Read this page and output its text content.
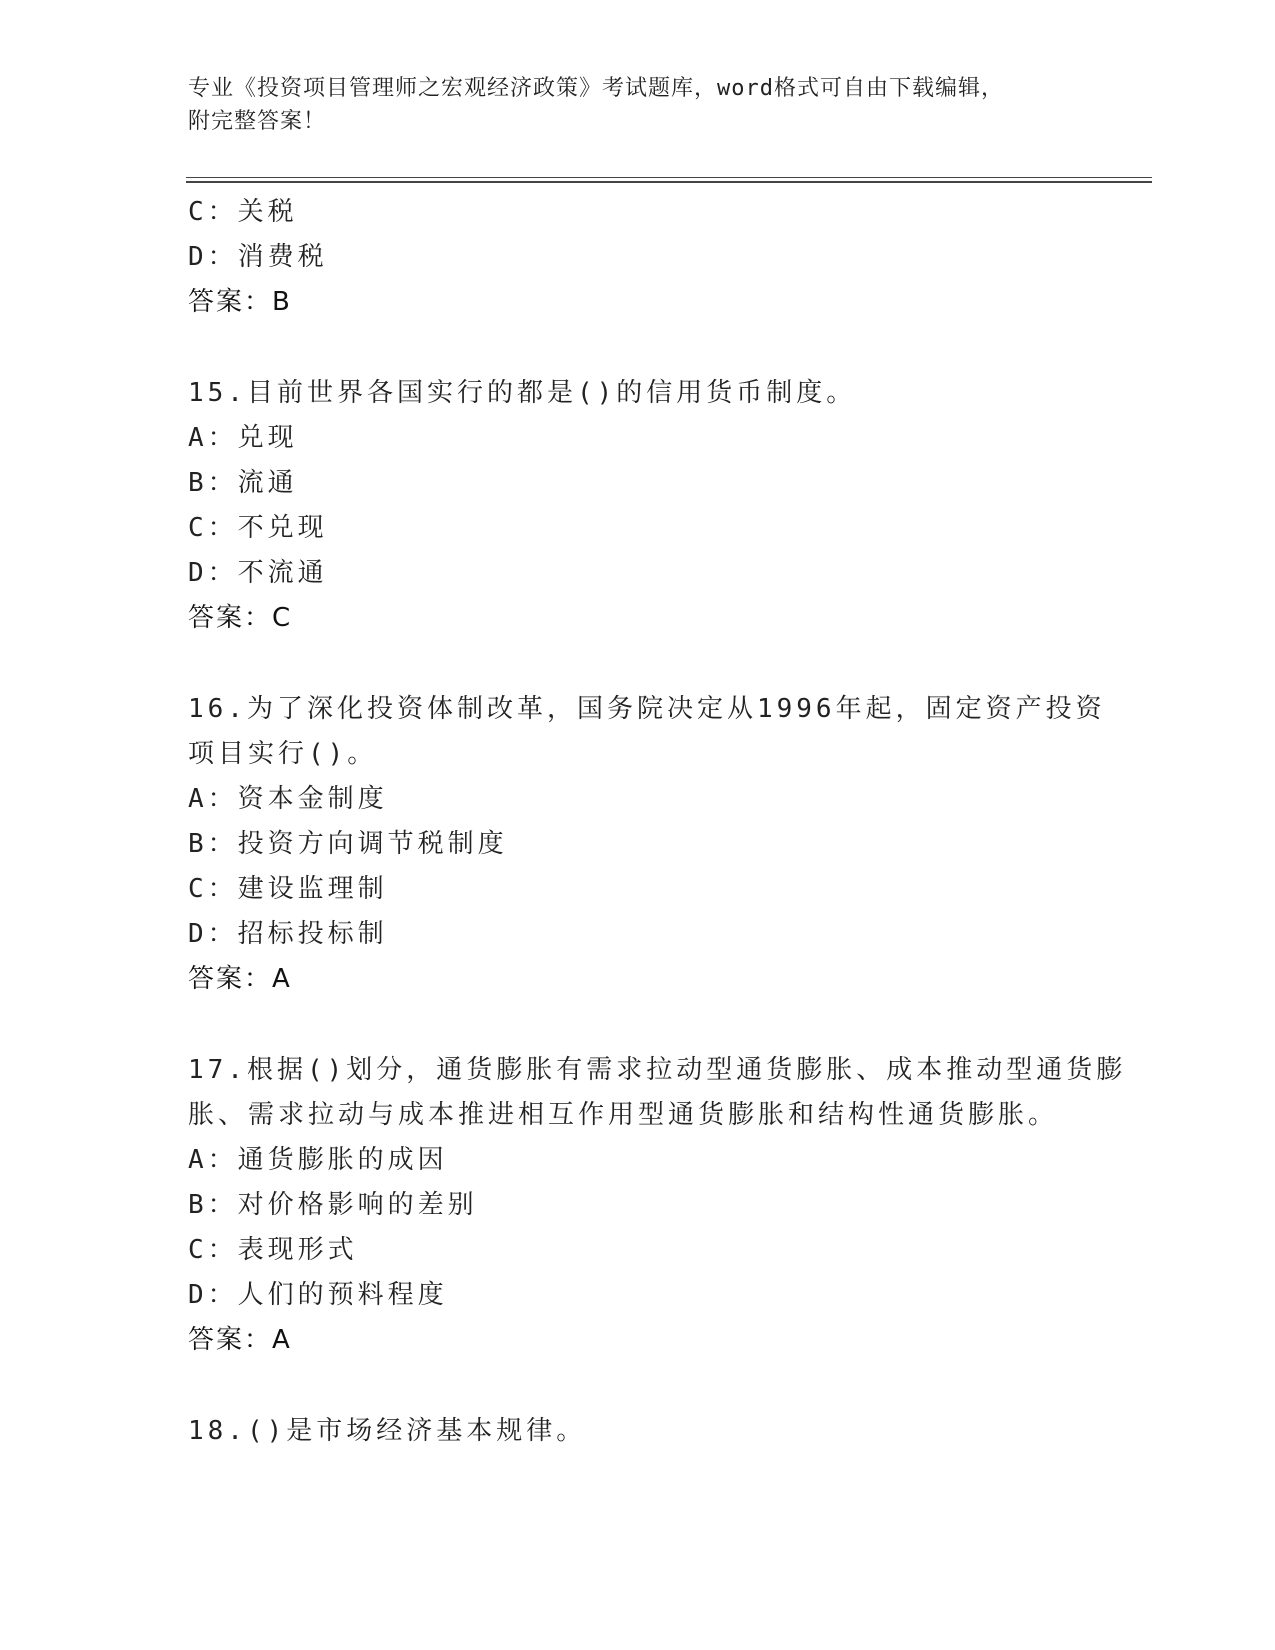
专业《投资项目管理师之宏观经济政策》考试题库，word格式可自由下载编辑，
附完整答案！
C：关税
D：消费税
答案：B
15.目前世界各国实行的都是()的信用货币制度。
A：兑现
B：流通
C：不兑现
D：不流通
答案：C
16.为了深化投资体制改革，国务院决定从1996年起，固定资产投资
项目实行()。
A：资本金制度
B：投资方向调节税制度
C：建设监理制
D：招标投标制
答案：A
17.根据()划分，通货膨胀有需求拉动型通货膨胀、成本推动型通货膨
胀、需求拉动与成本推进相互作用型通货膨胀和结构性通货膨胀。
A：通货膨胀的成因
B：对价格影响的差别
C：表现形式
D：人们的预料程度
答案：A
18.()是市场经济基本规律。
